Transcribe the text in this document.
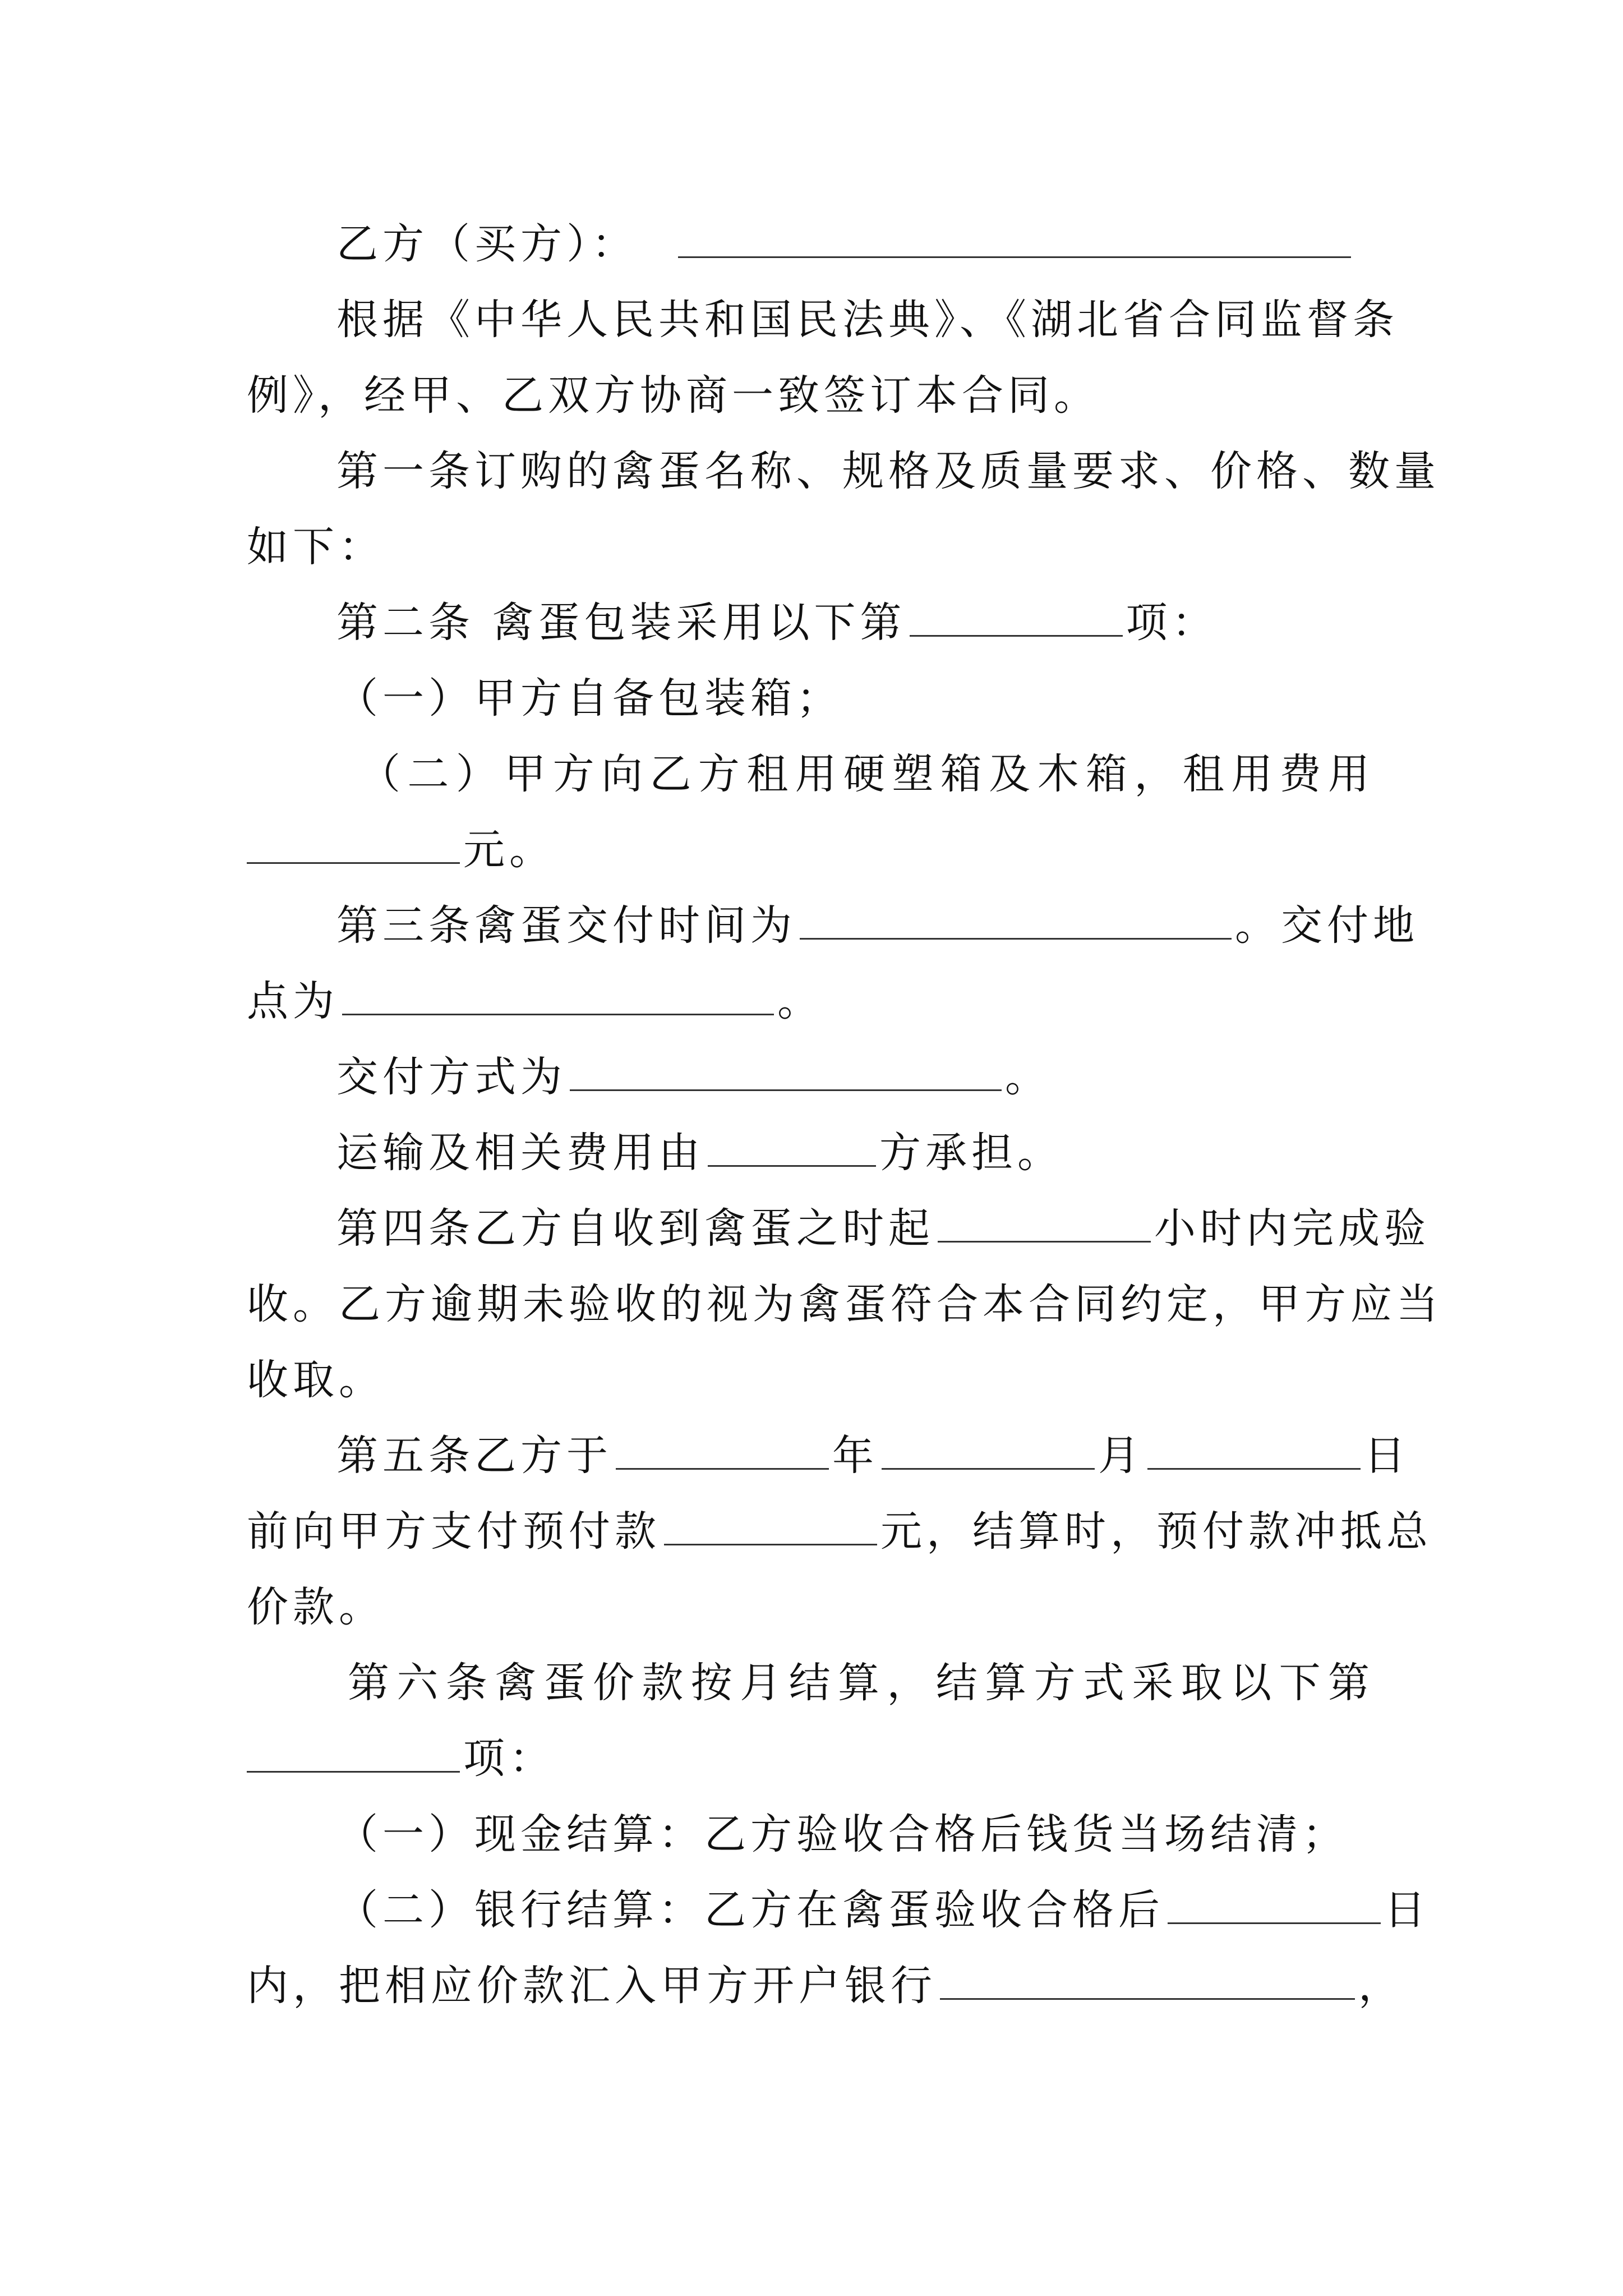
乙方（买方）：

根据《中华人民共和国民法典》、《湖北省合同监督条

例》，经甲、乙双方协商一致签订本合同。

第一条订购的禽蛋名称、规格及质量要求、价格、数量

如下：

第二条 禽蛋包装采用以下第	项：

（一）甲方自备包装箱；

（二）甲方向乙方租用硬塑箱及木箱，租用费用

元。

第三条禽蛋交付时间为	。交付地

点为	。

交付方式为	。

运输及相关费用由	方承担。

第四条乙方自收到禽蛋之时起	小时内完成验

收。乙方逾期未验收的视为禽蛋符合本合同约定，甲方应当

收取。

第五条乙方于	年	月	日

前向甲方支付预付款	元，结算时，预付款冲抵总

价款。

第六条禽蛋价款按月结算，结算方式采取以下第

项：

（一）现金结算：乙方验收合格后钱货当场结清；

（二）银行结算：乙方在禽蛋验收合格后	日

内，把相应价款汇入甲方开户银行	，
